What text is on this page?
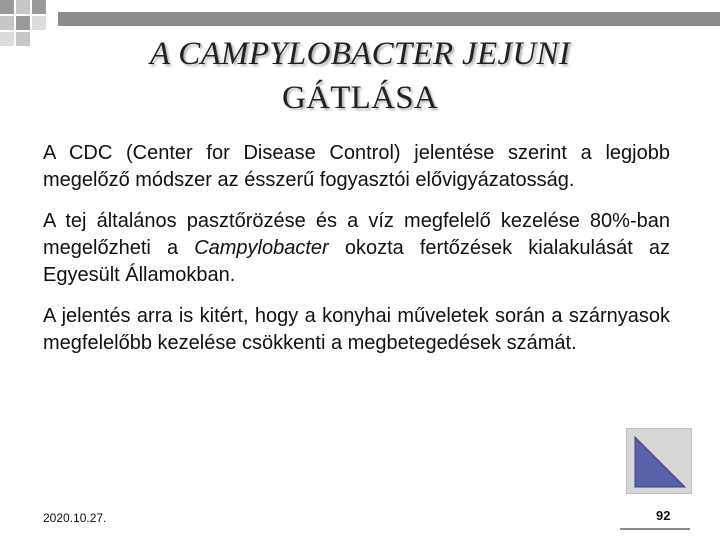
A CAMPYLOBACTER JEJUNI
GÁTLÁSA

A CDC (Center for Disease Control) jelentése szerint a legjobb megelőző módszer az ésszerű fogyasztói elővigyázatosság.

A tej általános pasztőrözése és a víz megfelelő kezelése 80%-ban megelőzheti a Campylobacter okozta fertőzések kialakulását az Egyesült Államokban.

A jelentés arra is kitért, hogy a konyhai műveletek során a szárnyasok megfelelőbb kezelése csökkenti a megbetegedések számát.

2020.10.27.	92
